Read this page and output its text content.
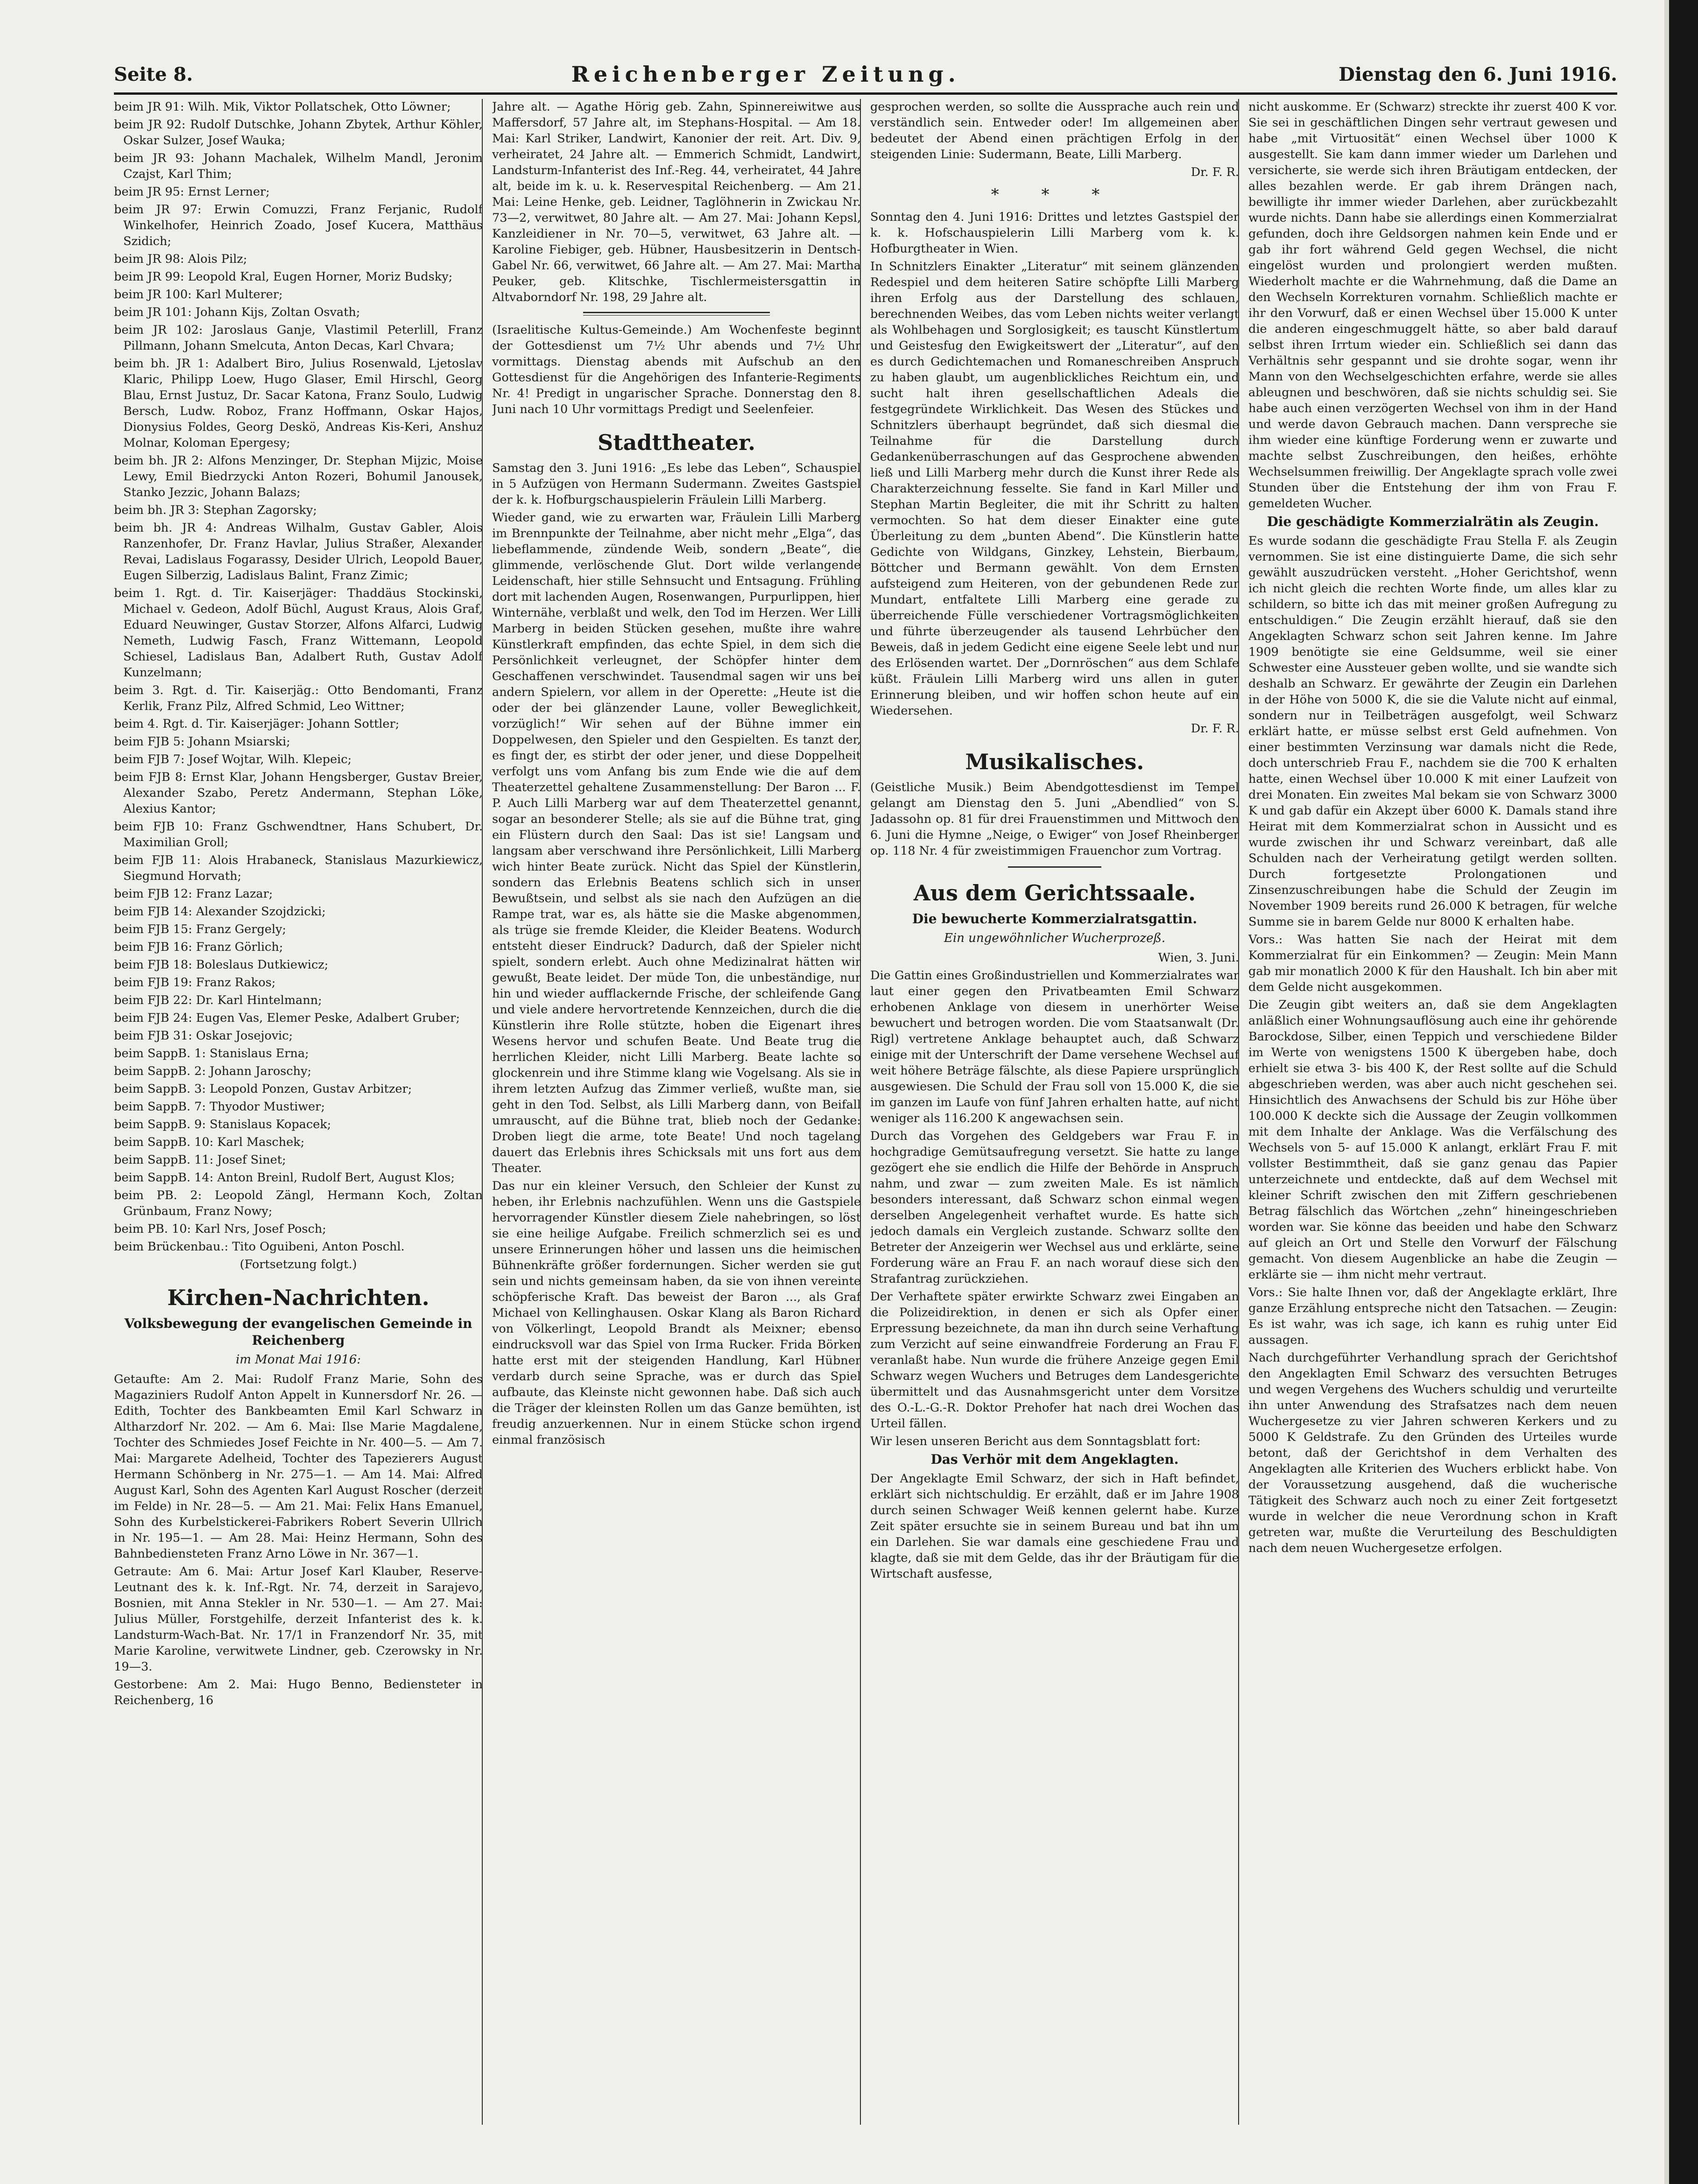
Seite 8.	Reichenberger Zeitung.	Dienstag den 6. Juni 1916.

beim JR 91: Wilh. Mik, Viktor Pollatschek, Otto Löwner;

beim JR 92: Rudolf Dutschke, Johann Zbytek, Arthur Köhler, Oskar Sulzer, Josef Wauka;

beim JR 93: Johann Machalek, Wilhelm Mandl, Jeronim Czajst, Karl Thim;

beim JR 95: Ernst Lerner;

beim JR 97: Erwin Comuzzi, Franz Ferjanic, Rudolf Winkelhofer, Heinrich Zoado, Josef Kucera, Matthäus Szidich;

beim JR 98: Alois Pilz;

beim JR 99: Leopold Kral, Eugen Horner, Moriz Budsky;

beim JR 100: Karl Multerer;

beim JR 101: Johann Kijs, Zoltan Osvath;

beim JR 102: Jaroslaus Ganje, Vlastimil Peterlill, Franz Pillmann, Johann Smelcuta, Anton Decas, Karl Chvara;

beim bh. JR 1: Adalbert Biro, Julius Rosenwald, Ljetoslav Klaric, Philipp Loew, Hugo Glaser, Emil Hirschl, Georg Blau, Ernst Justuz, Dr. Sacar Katona, Franz Soulo, Ludwig Bersch, Ludw. Roboz, Franz Hoffmann, Oskar Hajos, Dionysius Foldes, Georg Deskö, Andreas Kis-Keri, Anshuz Molnar, Koloman Epergesy;

beim bh. JR 2: Alfons Menzinger, Dr. Stephan Mijzic, Moise Lewy, Emil Biedrzycki Anton Rozeri, Bohumil Janousek, Stanko Jezzic, Johann Balazs;

beim bh. JR 3: Stephan Zagorsky;

beim bh. JR 4: Andreas Wilhalm, Gustav Gabler, Alois Ranzenhofer, Dr. Franz Havlar, Julius Straßer, Alexander Revai, Ladislaus Fogarassy, Desider Ulrich, Leopold Bauer, Eugen Silberzig, Ladislaus Balint, Franz Zimic;

beim 1. Rgt. d. Tir. Kaiserjäger: Thaddäus Stockinski, Michael v. Gedeon, Adolf Büchl, August Kraus, Alois Graf, Eduard Neuwinger, Gustav Storzer, Alfons Alfarci, Ludwig Nemeth, Ludwig Fasch, Franz Wittemann, Leopold Schiesel, Ladislaus Ban, Adalbert Ruth, Gustav Adolf Kunzelmann;

beim 3. Rgt. d. Tir. Kaiserjäg.: Otto Bendomanti, Franz Kerlik, Franz Pilz, Alfred Schmid, Leo Wittner;

beim 4. Rgt. d. Tir. Kaiserjäger: Johann Sottler;

beim FJB 5: Johann Msiarski;

beim FJB 7: Josef Wojtar, Wilh. Klepeic;

beim FJB 8: Ernst Klar, Johann Hengsberger, Gustav Breier, Alexander Szabo, Peretz Andermann, Stephan Löke, Alexius Kantor;

beim FJB 10: Franz Gschwendtner, Hans Schubert, Dr. Maximilian Groll;

beim FJB 11: Alois Hrabaneck, Stanislaus Mazurkiewicz, Siegmund Horvath;

beim FJB 12: Franz Lazar;

beim FJB 14: Alexander Szojdzicki;

beim FJB 15: Franz Gergely;

beim FJB 16: Franz Görlich;

beim FJB 18: Boleslaus Dutkiewicz;

beim FJB 19: Franz Rakos;

beim FJB 22: Dr. Karl Hintelmann;

beim FJB 24: Eugen Vas, Elemer Peske, Adalbert Gruber;

beim FJB 31: Oskar Josejovic;

beim SappB. 1: Stanislaus Erna;

beim SappB. 2: Johann Jaroschy;

beim SappB. 3: Leopold Ponzen, Gustav Arbitzer;

beim SappB. 7: Thyodor Mustiwer;

beim SappB. 9: Stanislaus Kopacek;

beim SappB. 10: Karl Maschek;

beim SappB. 11: Josef Sinet;

beim SappB. 14: Anton Breinl, Rudolf Bert, August Klos;

beim PB. 2: Leopold Zängl, Hermann Koch, Zoltan Grünbaum, Franz Nowy;

beim PB. 10: Karl Nrs, Josef Posch;

beim Brückenbau.: Tito Oguibeni, Anton Poschl.

(Fortsetzung folgt.)

Kirchen-Nachrichten.
Volksbewegung der evangelischen Gemeinde in Reichenberg
im Monat Mai 1916:

Getaufte: Am 2. Mai: Rudolf Franz Marie, Sohn des Magaziniers Rudolf Anton Appelt in Kunnersdorf Nr. 26. — Edith, Tochter des Bankbeamten Emil Karl Schwarz in Altharzdorf Nr. 202. — Am 6. Mai: Ilse Marie Magdalene, Tochter des Schmiedes Josef Feichte in Nr. 400—5. — Am 7. Mai: Margarete Adelheid, Tochter des Tapezierers August Hermann Schönberg in Nr. 275—1. — Am 14. Mai: Alfred August Karl, Sohn des Agenten Karl August Roscher (derzeit im Felde) in Nr. 28—5. — Am 21. Mai: Felix Hans Emanuel, Sohn des Kurbelstickerei-Fabrikers Robert Severin Ullrich in Nr. 195—1. — Am 28. Mai: Heinz Hermann, Sohn des Bahnbediensteten Franz Arno Löwe in Nr. 367—1.

Getraute: Am 6. Mai: Artur Josef Karl Klauber, Reserve-Leutnant des k. k. Inf.-Rgt. Nr. 74, derzeit in Sarajevo, Bosnien, mit Anna Stekler in Nr. 530—1. — Am 27. Mai: Julius Müller, Forstgehilfe, derzeit Infanterist des k. k. Landsturm-Wach-Bat. Nr. 17/1 in Franzendorf Nr. 35, mit Marie Karoline, verwitwete Lindner, geb. Czerowsky in Nr. 19—3.

Gestorbene: Am 2. Mai: Hugo Benno, Bediensteter in Reichenberg, 16

Jahre alt. — Agathe Hörig geb. Zahn, Spinnereiwitwe aus Maffersdorf, 57 Jahre alt, im Stephans-Hospital. — Am 18. Mai: Karl Striker, Landwirt, Kanonier der reit. Art. Div. 9, verheiratet, 24 Jahre alt. — Emmerich Schmidt, Landwirt, Landsturm-Infanterist des Inf.-Reg. 44, verheiratet, 44 Jahre alt, beide im k. u. k. Reservespital Reichenberg. — Am 21. Mai: Leine Henke, geb. Leidner, Taglöhnerin in Zwickau Nr. 73—2, verwitwet, 80 Jahre alt. — Am 27. Mai: Johann Kepsl, Kanzleidiener in Nr. 70—5, verwitwet, 63 Jahre alt. — Karoline Fiebiger, geb. Hübner, Hausbesitzerin in Dentsch-Gabel Nr. 66, verwitwet, 66 Jahre alt. — Am 27. Mai: Martha Peuker, geb. Klitschke, Tischlermeistersgattin in Altvaborndorf Nr. 198, 29 Jahre alt.

(Israelitische Kultus-Gemeinde.) Am Wochenfeste beginnt der Gottesdienst um 7½ Uhr abends und 7½ Uhr vormittags. Dienstag abends mit Aufschub an den Gottesdienst für die Angehörigen des Infanterie-Regiments Nr. 4! Predigt in ungarischer Sprache. Donnerstag den 8. Juni nach 10 Uhr vormittags Predigt und Seelenfeier.

Stadttheater.

Samstag den 3. Juni 1916: „Es lebe das Leben“, Schauspiel in 5 Aufzügen von Hermann Sudermann. Zweites Gastspiel der k. k. Hofburgschauspielerin Fräulein Lilli Marberg.

Wieder gand, wie zu erwarten war, Fräulein Lilli Marberg im Brennpunkte der Teilnahme, aber nicht mehr „Elga“, das liebeflammende, zündende Weib, sondern „Beate“, die glimmende, verlöschende Glut. Dort wilde verlangende Leidenschaft, hier stille Sehnsucht und Entsagung. Frühling dort mit lachenden Augen, Rosenwangen, Purpurlippen, hier Winternähe, verblaßt und welk, den Tod im Herzen. Wer Lilli Marberg in beiden Stücken gesehen, mußte ihre wahre Künstlerkraft empfinden, das echte Spiel, in dem sich die Persönlichkeit verleugnet, der Schöpfer hinter dem Geschaffenen verschwindet. Tausendmal sagen wir uns bei andern Spielern, vor allem in der Operette: „Heute ist die oder der bei glänzender Laune, voller Beweglichkeit, vorzüglich!“ Wir sehen auf der Bühne immer ein Doppelwesen, den Spieler und den Gespielten. Es tanzt der, es fingt der, es stirbt der oder jener, und diese Doppelheit verfolgt uns vom Anfang bis zum Ende wie die auf dem Theaterzettel gehaltene Zusammenstellung: Der Baron ... F. P. Auch Lilli Marberg war auf dem Theaterzettel genannt, sogar an besonderer Stelle; als sie auf die Bühne trat, ging ein Flüstern durch den Saal: Das ist sie! Langsam und langsam aber verschwand ihre Persönlichkeit, Lilli Marberg wich hinter Beate zurück. Nicht das Spiel der Künstlerin, sondern das Erlebnis Beatens schlich sich in unser Bewußtsein, und selbst als sie nach den Aufzügen an die Rampe trat, war es, als hätte sie die Maske abgenommen, als trüge sie fremde Kleider, die Kleider Beatens. Wodurch entsteht dieser Eindruck? Dadurch, daß der Spieler nicht spielt, sondern erlebt. Auch ohne Medizinalrat hätten wir gewußt, Beate leidet. Der müde Ton, die unbeständige, nur hin und wieder aufflackernde Frische, der schleifende Gang und viele andere hervortretende Kennzeichen, durch die die Künstlerin ihre Rolle stützte, hoben die Eigenart ihres Wesens hervor und schufen Beate. Und Beate trug die herrlichen Kleider, nicht Lilli Marberg. Beate lachte so glockenrein und ihre Stimme klang wie Vogelsang. Als sie in ihrem letzten Aufzug das Zimmer verließ, wußte man, sie geht in den Tod. Selbst, als Lilli Marberg dann, von Beifall umrauscht, auf die Bühne trat, blieb noch der Gedanke: Droben liegt die arme, tote Beate! Und noch tagelang dauert das Erlebnis ihres Schicksals mit uns fort aus dem Theater.

Das nur ein kleiner Versuch, den Schleier der Kunst zu heben, ihr Erlebnis nachzufühlen. Wenn uns die Gastspiele hervorragender Künstler diesem Ziele nahebringen, so löst sie eine heilige Aufgabe. Freilich schmerzlich sei es und unsere Erinnerungen höher und lassen uns die heimischen Bühnenkräfte größer fordernungen. Sicher werden sie gut sein und nichts gemeinsam haben, da sie von ihnen vereinte schöpferische Kraft. Das beweist der Baron ..., als Graf Michael von Kellinghausen. Oskar Klang als Baron Richard von Völkerlingt, Leopold Brandt als Meixner; ebenso eindrucksvoll war das Spiel von Irma Rucker. Frida Börken hatte erst mit der steigenden Handlung, Karl Hübner verdarb durch seine Sprache, was er durch das Spiel aufbaute, das Kleinste nicht gewonnen habe. Daß sich auch die Träger der kleinsten Rollen um das Ganze bemühten, ist freudig anzuerkennen. Nur in einem Stücke schon irgend einmal französisch

gesprochen werden, so sollte die Aussprache auch rein und verständlich sein. Entweder oder! Im allgemeinen aber bedeutet der Abend einen prächtigen Erfolg in der steigenden Linie: Sudermann, Beate, Lilli Marberg.

Dr. F. R.

* * *

Sonntag den 4. Juni 1916: Drittes und letztes Gastspiel der k. k. Hofschauspielerin Lilli Marberg vom k. k. Hofburgtheater in Wien.

In Schnitzlers Einakter „Literatur“ mit seinem glänzenden Redespiel und dem heiteren Satire schöpfte Lilli Marberg ihren Erfolg aus der Darstellung des schlauen, berechnenden Weibes, das vom Leben nichts weiter verlangt als Wohlbehagen und Sorglosigkeit; es tauscht Künstlertum und Geistesfug den Ewigkeitswert der „Literatur“, auf den es durch Gedichtemachen und Romaneschreiben Anspruch zu haben glaubt, um augenblickliches Reichtum ein, und sucht halt ihren gesellschaftlichen Adeals die festgegründete Wirklichkeit. Das Wesen des Stückes und Schnitzlers überhaupt begründet, daß sich diesmal die Teilnahme für die Darstellung durch Gedankenüberraschungen auf das Gesprochene abwenden ließ und Lilli Marberg mehr durch die Kunst ihrer Rede als Charakterzeichnung fesselte. Sie fand in Karl Miller und Stephan Martin Begleiter, die mit ihr Schritt zu halten vermochten. So hat dem dieser Einakter eine gute Überleitung zu dem „bunten Abend“. Die Künstlerin hatte Gedichte von Wildgans, Ginzkey, Lehstein, Bierbaum, Böttcher und Bermann gewählt. Von dem Ernsten aufsteigend zum Heiteren, von der gebundenen Rede zur Mundart, entfaltete Lilli Marberg eine gerade zu überreichende Fülle verschiedener Vortragsmöglichkeiten und führte überzeugender als tausend Lehrbücher den Beweis, daß in jedem Gedicht eine eigene Seele lebt und nur des Erlösenden wartet. Der „Dornröschen“ aus dem Schlafe küßt. Fräulein Lilli Marberg wird uns allen in guter Erinnerung bleiben, und wir hoffen schon heute auf ein Wiedersehen.

Dr. F. R.

Musikalisches.

(Geistliche Musik.) Beim Abendgottesdienst im Tempel gelangt am Dienstag den 5. Juni „Abendlied“ von S. Jadassohn op. 81 für drei Frauenstimmen und Mittwoch den 6. Juni die Hymne „Neige, o Ewiger“ von Josef Rheinberger op. 118 Nr. 4 für zweistimmigen Frauenchor zum Vortrag.

Aus dem Gerichtssaale.
Die bewucherte Kommerzialratsgattin.
Ein ungewöhnlicher Wucherprozeß.

Wien, 3. Juni.

Die Gattin eines Großindustriellen und Kommerzialrates war laut einer gegen den Privatbeamten Emil Schwarz erhobenen Anklage von diesem in unerhörter Weise bewuchert und betrogen worden. Die vom Staatsanwalt (Dr. Rigl) vertretene Anklage behauptet auch, daß Schwarz einige mit der Unterschrift der Dame versehene Wechsel auf weit höhere Beträge fälschte, als diese Papiere ursprünglich ausgewiesen. Die Schuld der Frau soll von 15.000 K, die sie im ganzen im Laufe von fünf Jahren erhalten hatte, auf nicht weniger als 116.200 K angewachsen sein.

Durch das Vorgehen des Geldgebers war Frau F. in hochgradige Gemütsaufregung versetzt. Sie hatte zu lange gezögert ehe sie endlich die Hilfe der Behörde in Anspruch nahm, und zwar — zum zweiten Male. Es ist nämlich besonders interessant, daß Schwarz schon einmal wegen derselben Angelegenheit verhaftet wurde. Es hatte sich jedoch damals ein Vergleich zustande. Schwarz sollte den Betreter der Anzeigerin wer Wechsel aus und erklärte, seine Forderung wäre an Frau F. an nach worauf diese sich den Strafantrag zurückziehen.

Der Verhaftete später erwirkte Schwarz zwei Eingaben an die Polizeidirektion, in denen er sich als Opfer einer Erpressung bezeichnete, da man ihn durch seine Verhaftung zum Verzicht auf seine einwandfreie Forderung an Frau F. veranlaßt habe. Nun wurde die frühere Anzeige gegen Emil Schwarz wegen Wuchers und Betruges dem Landesgerichte übermittelt und das Ausnahmsgericht unter dem Vorsitze des O.-L.-G.-R. Doktor Prehofer hat nach drei Wochen das Urteil fällen.

Wir lesen unseren Bericht aus dem Sonntagsblatt fort:

Das Verhör mit dem Angeklagten.

Der Angeklagte Emil Schwarz, der sich in Haft befindet, erklärt sich nichtschuldig. Er erzählt, daß er im Jahre 1908 durch seinen Schwager Weiß kennen gelernt habe. Kurze Zeit später ersuchte sie in seinem Bureau und bat ihn um ein Darlehen. Sie war damals eine geschiedene Frau und klagte, daß sie mit dem Gelde, das ihr der Bräutigam für die Wirtschaft ausfesse,

nicht auskomme. Er (Schwarz) streckte ihr zuerst 400 K vor. Sie sei in geschäftlichen Dingen sehr vertraut gewesen und habe „mit Virtuosität“ einen Wechsel über 1000 K ausgestellt. Sie kam dann immer wieder um Darlehen und versicherte, sie werde sich ihren Bräutigam entdecken, der alles bezahlen werde. Er gab ihrem Drängen nach, bewilligte ihr immer wieder Darlehen, aber zurückbezahlt wurde nichts. Dann habe sie allerdings einen Kommerzialrat gefunden, doch ihre Geldsorgen nahmen kein Ende und er gab ihr fort während Geld gegen Wechsel, die nicht eingelöst wurden und prolongiert werden mußten. Wiederholt machte er die Wahrnehmung, daß die Dame an den Wechseln Korrekturen vornahm. Schließlich machte er ihr den Vorwurf, daß er einen Wechsel über 15.000 K unter die anderen eingeschmuggelt hätte, so aber bald darauf selbst ihren Irrtum wieder ein. Schließlich sei dann das Verhältnis sehr gespannt und sie drohte sogar, wenn ihr Mann von den Wechselgeschichten erfahre, werde sie alles ableugnen und beschwören, daß sie nichts schuldig sei. Sie habe auch einen verzögerten Wechsel von ihm in der Hand und werde davon Gebrauch machen. Dann verspreche sie ihm wieder eine künftige Forderung wenn er zuwarte und machte selbst Zuschreibungen, den heißes, erhöhte Wechselsummen freiwillig. Der Angeklagte sprach volle zwei Stunden über die Entstehung der ihm von Frau F. gemeldeten Wucher.

Die geschädigte Kommerzialrätin als Zeugin.

Es wurde sodann die geschädigte Frau Stella F. als Zeugin vernommen. Sie ist eine distinguierte Dame, die sich sehr gewählt auszudrücken versteht. „Hoher Gerichtshof, wenn ich nicht gleich die rechten Worte finde, um alles klar zu schildern, so bitte ich das mit meiner großen Aufregung zu entschuldigen.“ Die Zeugin erzählt hierauf, daß sie den Angeklagten Schwarz schon seit Jahren kenne. Im Jahre 1909 benötigte sie eine Geldsumme, weil sie einer Schwester eine Aussteuer geben wollte, und sie wandte sich deshalb an Schwarz. Er gewährte der Zeugin ein Darlehen in der Höhe von 5000 K, die sie die Valute nicht auf einmal, sondern nur in Teilbeträgen ausgefolgt, weil Schwarz erklärt hatte, er müsse selbst erst Geld aufnehmen. Von einer bestimmten Verzinsung war damals nicht die Rede, doch unterschrieb Frau F., nachdem sie die 700 K erhalten hatte, einen Wechsel über 10.000 K mit einer Laufzeit von drei Monaten. Ein zweites Mal bekam sie von Schwarz 3000 K und gab dafür ein Akzept über 6000 K. Damals stand ihre Heirat mit dem Kommerzialrat schon in Aussicht und es wurde zwischen ihr und Schwarz vereinbart, daß alle Schulden nach der Verheiratung getilgt werden sollten. Durch fortgesetzte Prolongationen und Zinsenzuschreibungen habe die Schuld der Zeugin im November 1909 bereits rund 26.000 K betragen, für welche Summe sie in barem Gelde nur 8000 K erhalten habe.

Vors.: Was hatten Sie nach der Heirat mit dem Kommerzialrat für ein Einkommen? — Zeugin: Mein Mann gab mir monatlich 2000 K für den Haushalt. Ich bin aber mit dem Gelde nicht ausgekommen.

Die Zeugin gibt weiters an, daß sie dem Angeklagten anläßlich einer Wohnungsauflösung auch eine ihr gehörende Barockdose, Silber, einen Teppich und verschiedene Bilder im Werte von wenigstens 1500 K übergeben habe, doch erhielt sie etwa 3- bis 400 K, der Rest sollte auf die Schuld abgeschrieben werden, was aber auch nicht geschehen sei. Hinsichtlich des Anwachsens der Schuld bis zur Höhe über 100.000 K deckte sich die Aussage der Zeugin vollkommen mit dem Inhalte der Anklage. Was die Verfälschung des Wechsels von 5- auf 15.000 K anlangt, erklärt Frau F. mit vollster Bestimmtheit, daß sie ganz genau das Papier unterzeichnete und entdeckte, daß auf dem Wechsel mit kleiner Schrift zwischen den mit Ziffern geschriebenen Betrag fälschlich das Wörtchen „zehn“ hineingeschrieben worden war. Sie könne das beeiden und habe den Schwarz auf gleich an Ort und Stelle den Vorwurf der Fälschung gemacht. Von diesem Augenblicke an habe die Zeugin — erklärte sie — ihm nicht mehr vertraut.

Vors.: Sie halte Ihnen vor, daß der Angeklagte erklärt, Ihre ganze Erzählung entspreche nicht den Tatsachen. — Zeugin: Es ist wahr, was ich sage, ich kann es ruhig unter Eid aussagen.

Nach durchgeführter Verhandlung sprach der Gerichtshof den Angeklagten Emil Schwarz des versuchten Betruges und wegen Vergehens des Wuchers schuldig und verurteilte ihn unter Anwendung des Strafsatzes nach dem neuen Wuchergesetze zu vier Jahren schweren Kerkers und zu 5000 K Geldstrafe. Zu den Gründen des Urteiles wurde betont, daß der Gerichtshof in dem Verhalten des Angeklagten alle Kriterien des Wuchers erblickt habe. Von der Voraussetzung ausgehend, daß die wucherische Tätigkeit des Schwarz auch noch zu einer Zeit fortgesetzt wurde in welcher die neue Verordnung schon in Kraft getreten war, mußte die Verurteilung des Beschuldigten nach dem neuen Wuchergesetze erfolgen.
